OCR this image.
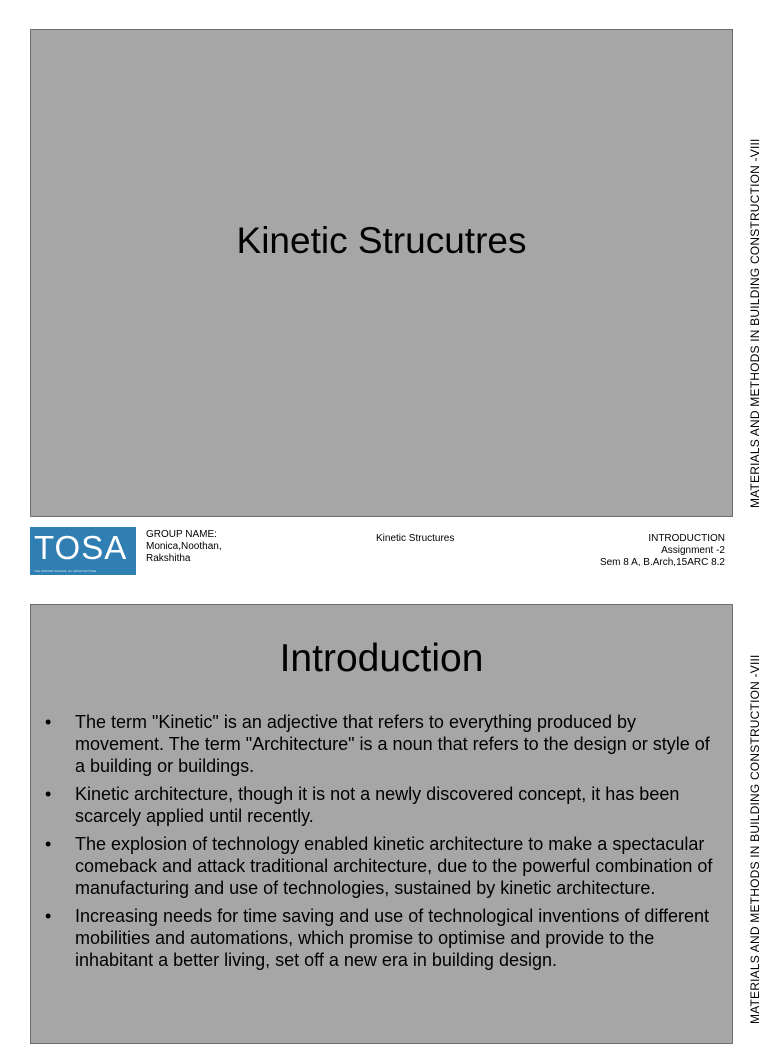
Kinetic Strucutres	MATERIALS AND METHODS IN BUILDING CONSTRUCTION -VIII
TOSA
THE OXFORD SCHOOL OF ARCHITECTURE
GROUP NAME:
Monica,Noothan,
Rakshitha
Kinetic Structures	INTRODUCTION
Assignment -2
Sem 8 A, B.Arch,15ARC 8.2
Introduction
• The term "Kinetic" is an adjective that refers to everything produced by movement. The term "Architecture" is a noun that refers to the design or style of a building or buildings.
• Kinetic architecture, though it is not a newly discovered concept, it has been scarcely applied until recently.
• The explosion of technology enabled kinetic architecture to make a spectacular comeback and attack traditional architecture, due to the powerful combination of manufacturing and use of technologies, sustained by kinetic architecture.
• Increasing needs for time saving and use of technological inventions of different mobilities and automations, which promise to optimise and provide to the inhabitant a better living, set off a new era in building design.	MATERIALS AND METHODS IN BUILDING CONSTRUCTION -VIII
